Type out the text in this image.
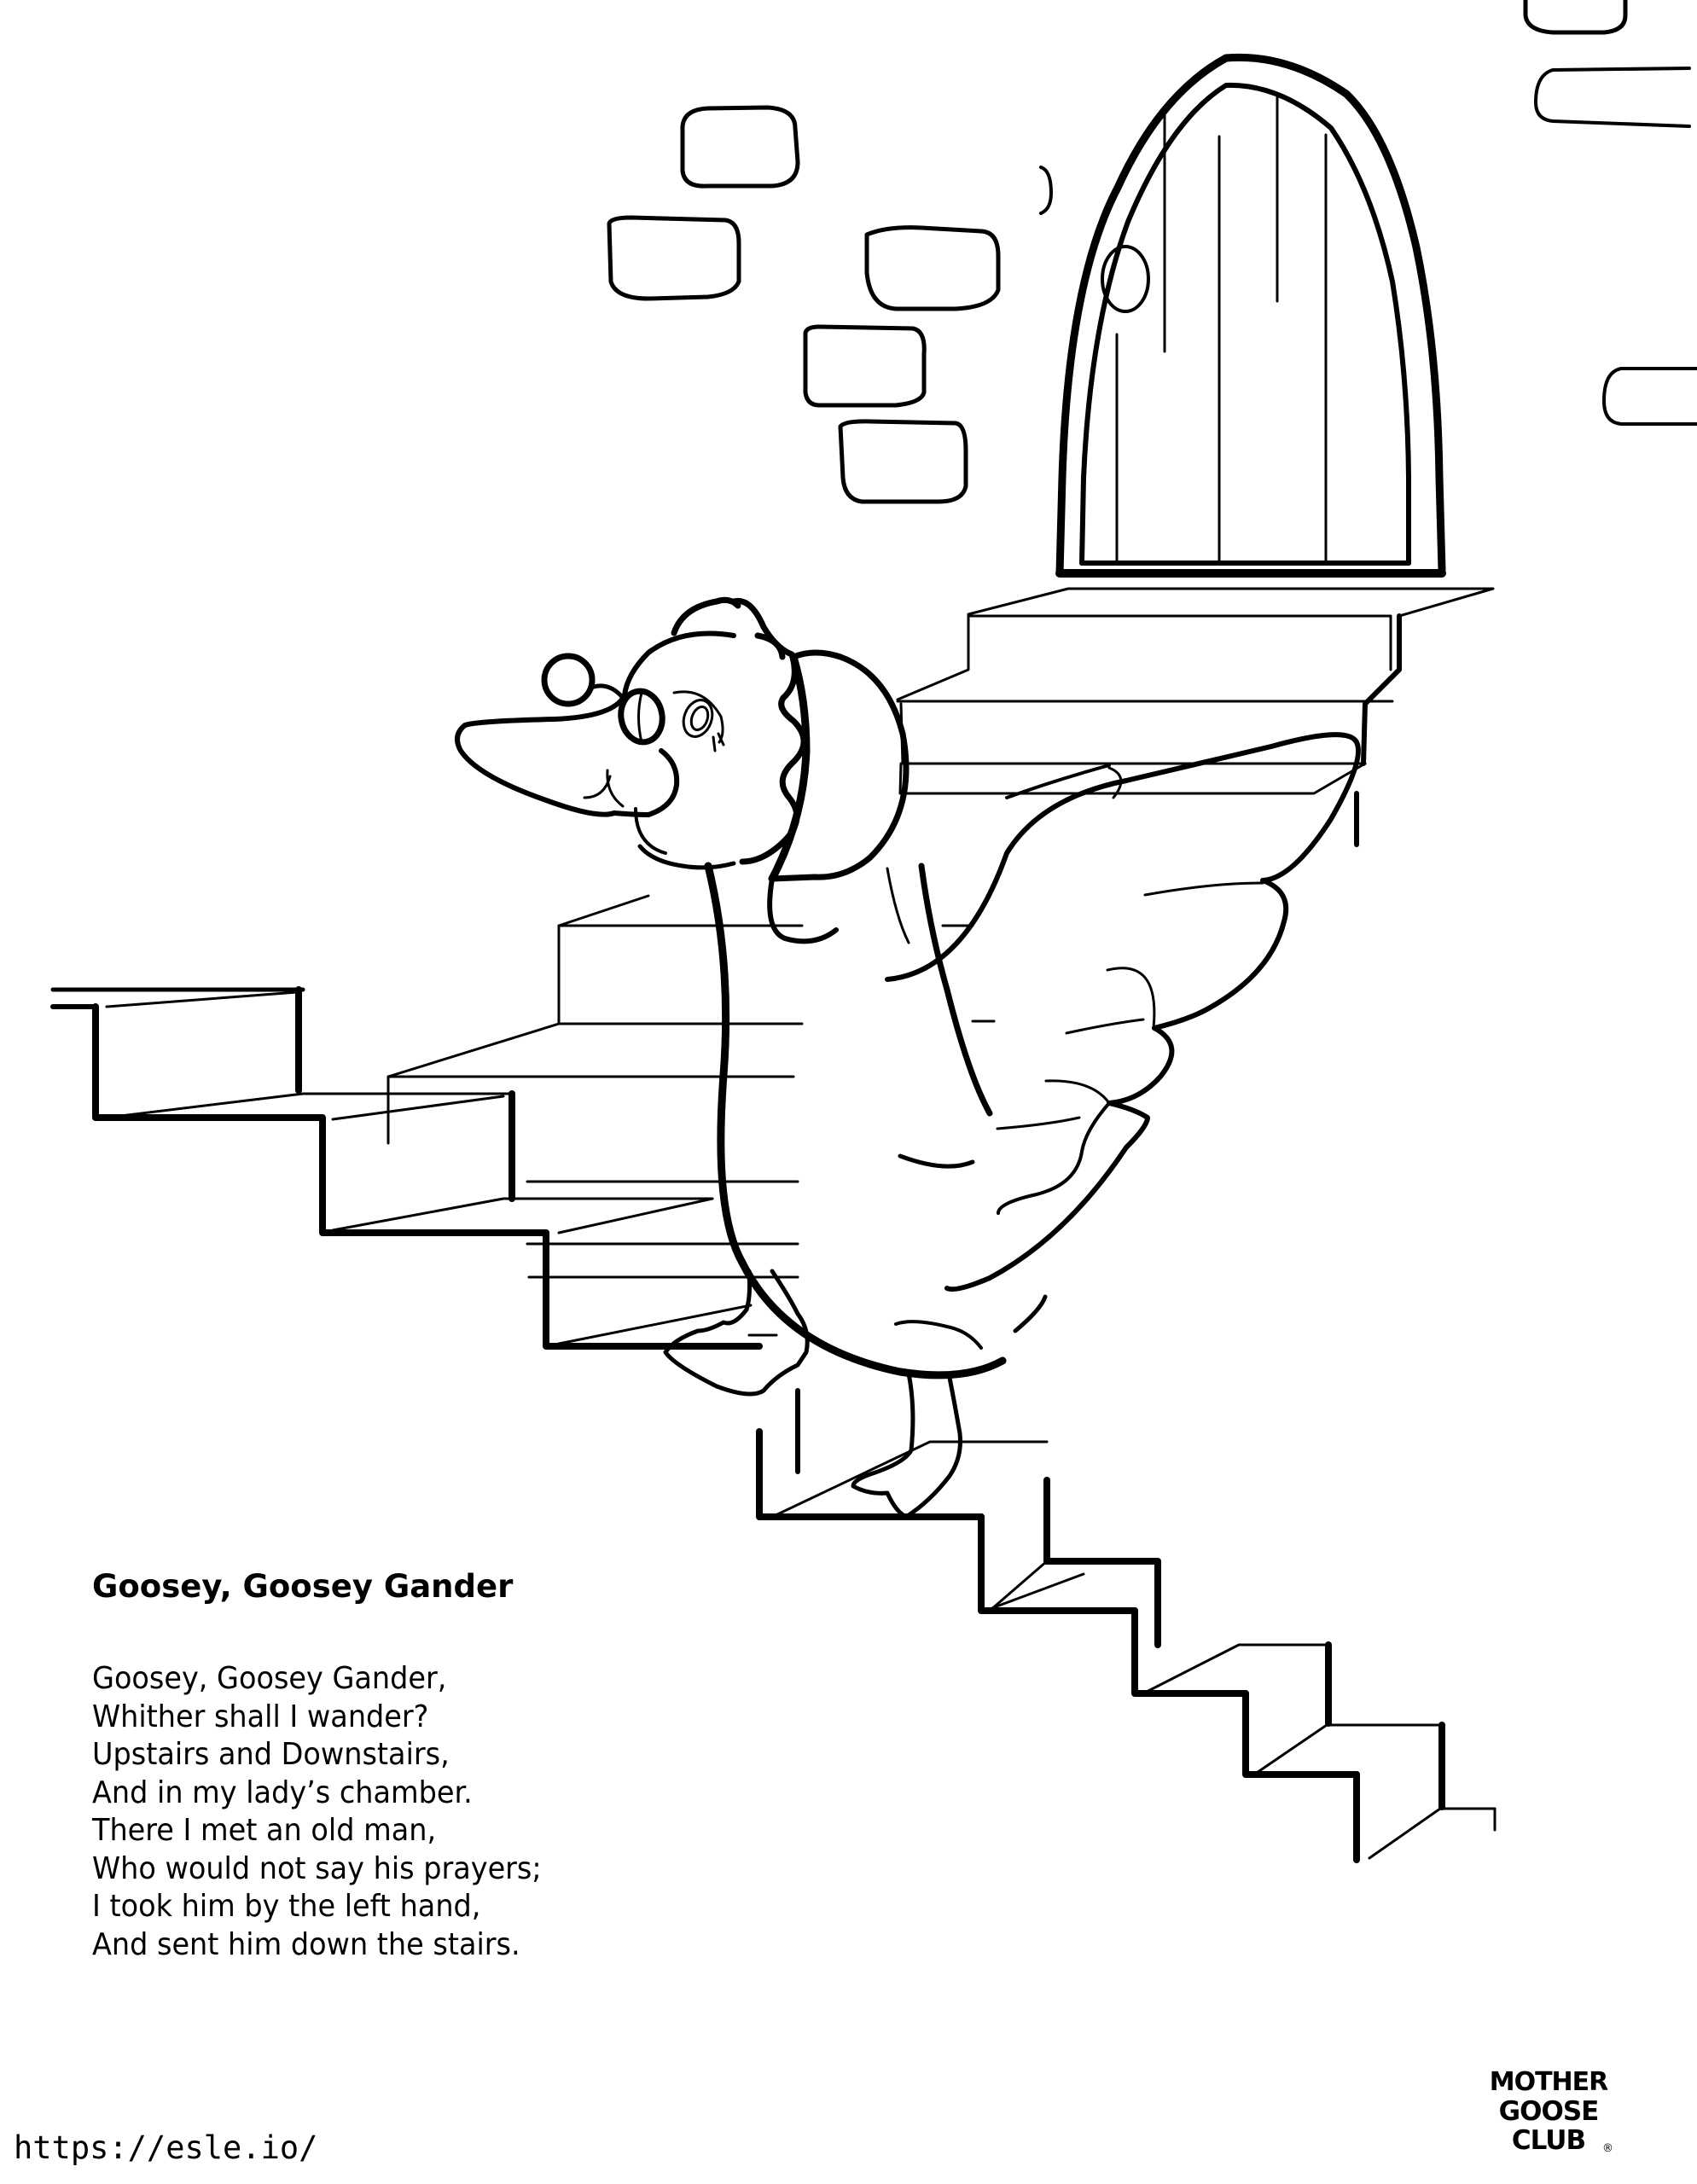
Goosey, Goosey Gander
Goosey, Goosey Gander,
Whither shall I wander?
Upstairs and Downstairs,
And in my lady’s chamber.
There I met an old man,
Who would not say his prayers;
I took him by the left hand,
And sent him down the stairs.
MOTHER
GOOSE
CLUB	®
https://esle.io/
